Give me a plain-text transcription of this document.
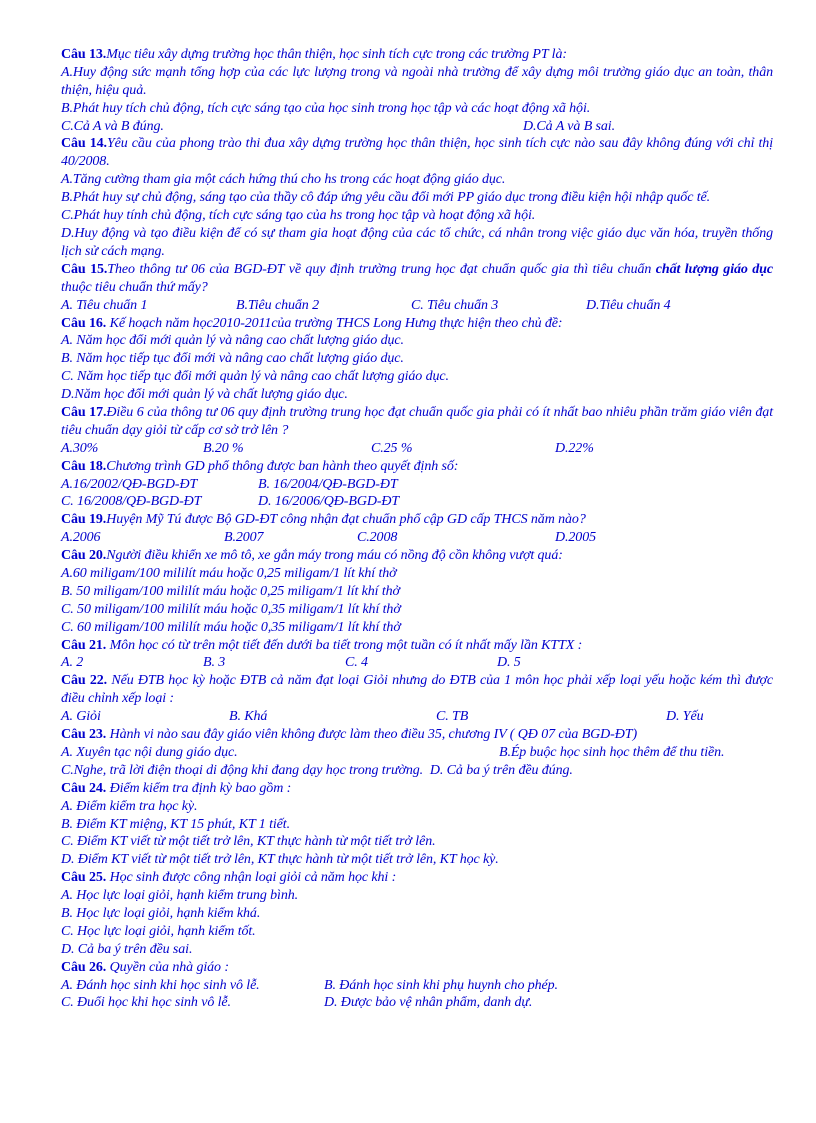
Câu 13.Mục tiêu xây dựng trường học thân thiện, học sinh tích cực trong các trường PT là:
A.Huy động sức mạnh tổng hợp của các lực lượng trong và ngoài nhà trường để xây dựng môi trường giáo dục an toàn, thân thiện, hiệu quả.
B.Phát huy tích chủ động, tích cực sáng tạo của học sinh trong học tập và các hoạt động xã hội.
C.Cả A và B đúng.	D.Cả A và B sai.
Câu 14.Yêu cầu của phong trào thi đua xây dựng trường học thân thiện, học sinh tích cực nào sau đây không đúng với chỉ thị 40/2008.
A.Tăng cường tham gia một cách hứng thú cho hs trong các hoạt động giáo dục.
B.Phát huy sự chủ động, sáng tạo của thầy cô đáp ứng yêu cầu đổi mới PP giáo dục trong điều kiện hội nhập quốc tế.
C.Phát huy tính chủ động, tích cực sáng tạo của hs trong học tập và hoạt động xã hội.
D.Huy động và tạo điều kiện để có sự tham gia hoạt động của các tổ chức, cá nhân trong việc giáo dục văn hóa, truyền thống lịch sử cách mạng.
Câu 15.Theo thông tư 06 của BGD-ĐT về quy định trường trung học đạt chuẩn quốc gia thì tiêu chuẩn chất lượng giáo dục thuộc tiêu chuẩn thứ mấy?
A. Tiêu chuẩn 1	B.Tiêu chuẩn 2	C. Tiêu chuẩn 3	D.Tiêu chuẩn 4
Câu 16. Kế hoạch năm học2010-2011của trường THCS Long Hưng thực hiện theo chủ đề:
A. Năm học đổi mới quản lý và nâng cao chất lượng giáo dục.
B. Năm học tiếp tục đổi mới và nâng cao chất lượng giáo dục.
C. Năm học tiếp tục đổi mới quản lý và nâng cao chất lượng giáo dục.
D.Năm học đổi mới quản lý và chất lượng giáo dục.
Câu 17.Điều 6 của thông tư 06 quy định trường trung học đạt chuẩn quốc gia phải có ít nhất bao nhiêu phần trăm giáo viên đạt tiêu chuẩn dạy giỏi từ cấp cơ sở trở lên ?
A.30%	B.20 %	C.25 %	D.22%
Câu 18.Chương trình GD phổ thông được ban hành theo quyết định số:
A.16/2002/QĐ-BGD-ĐT	B. 16/2004/QĐ-BGD-ĐT
C. 16/2008/QĐ-BGD-ĐT	D. 16/2006/QĐ-BGD-ĐT
Câu 19.Huyện Mỹ Tú được Bộ GD-ĐT công nhận đạt chuẩn phổ cập GD cấp THCS năm nào?
A.2006	B.2007	C.2008	D.2005
Câu 20.Người điều khiển xe mô tô, xe gắn máy trong máu có nồng độ cồn không vượt quá:
A.60 miligam/100 mililít máu hoặc 0,25 miligam/1 lít khí thở
B. 50 miligam/100 mililít máu hoặc 0,25 miligam/1 lít khí thở
C. 50 miligam/100 mililít máu hoặc 0,35 miligam/1 lít khí thở
C. 60 miligam/100 mililít máu hoặc 0,35 miligam/1 lít khí thở
Câu 21. Môn học có từ trên một tiết đến dưới ba tiết trong một tuần có ít nhất mấy lần KTTX :
A. 2	B. 3	C. 4	D. 5
Câu 22. Nếu ĐTB học kỳ hoặc ĐTB cả năm đạt loại Giỏi nhưng do ĐTB của 1 môn học phải xếp loại yếu hoặc kém thì được điều chỉnh xếp loại :
A. Giỏi	B. Khá	C. TB	D. Yếu
Câu 23. Hành vi nào sau đây giáo viên không được làm theo điều 35, chương IV ( QĐ 07 của BGD-ĐT)
A. Xuyên tạc nội dung giáo dục.	B.Ép buộc học sinh học thêm để thu tiền.
C.Nghe, trã lời điện thoại di động khi đang dạy học trong trường. D. Cả ba ý trên đều đúng.
Câu 24. Điểm kiểm tra định kỳ bao gồm :
A. Điểm kiểm tra học kỳ.
B. Điểm KT miệng, KT 15 phút, KT 1 tiết.
C. Điểm KT viết từ một tiết trở lên, KT thực hành từ một tiết trở lên.
D. Điểm KT viết từ một tiết trở lên, KT thực hành từ một tiết trở lên, KT học kỳ.
Câu 25. Học sinh được công nhận loại giỏi cả năm học khi :
A. Học lực loại giỏi, hạnh kiểm trung bình.
B. Học lực loại giỏi, hạnh kiểm khá.
C. Học lực loại giỏi, hạnh kiểm tốt.
D. Cả ba ý trên đều sai.
Câu 26. Quyền của nhà giáo :
A. Đánh học sinh khi học sinh vô lễ.	B. Đánh học sinh khi phụ huynh cho phép.
C. Đuổi học khi học sinh vô lễ.	D. Được bảo vệ nhân phẩm, danh dự.
